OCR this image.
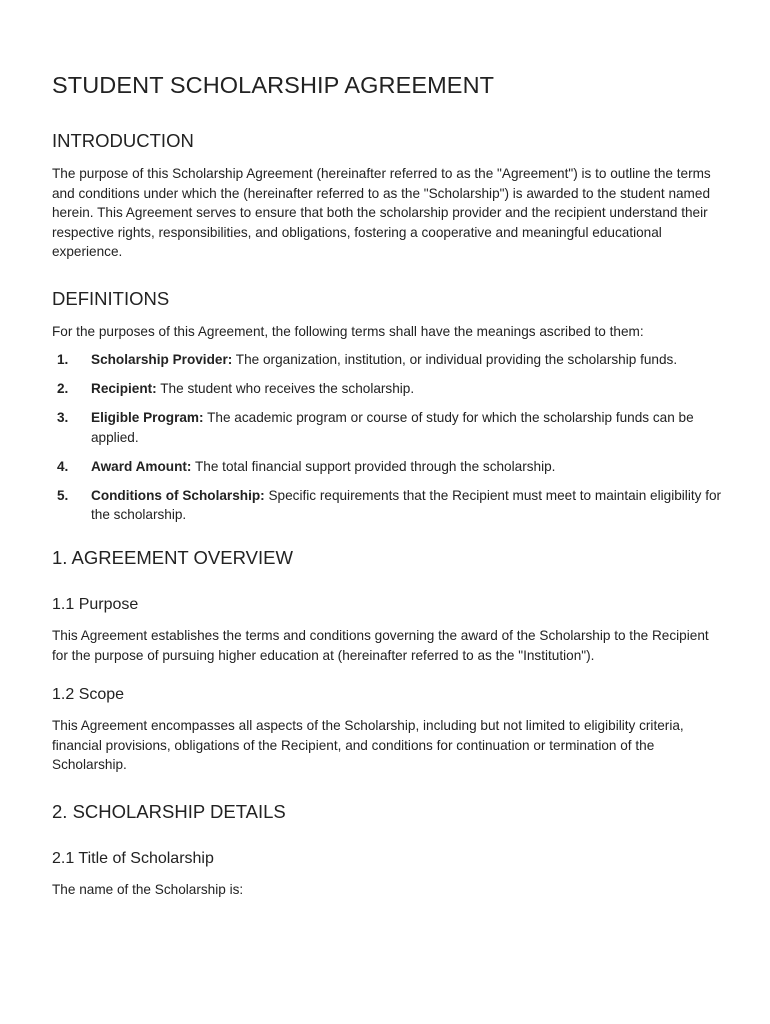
STUDENT SCHOLARSHIP AGREEMENT
INTRODUCTION

The purpose of this Scholarship Agreement (hereinafter referred to as the "Agreement") is to outline the terms and conditions under which the (hereinafter referred to as the "Scholarship") is awarded to the student named herein. This Agreement serves to ensure that both the scholarship provider and the recipient understand their respective rights, responsibilities, and obligations, fostering a cooperative and meaningful educational experience.

DEFINITIONS

For the purposes of this Agreement, the following terms shall have the meanings ascribed to them:

1. Scholarship Provider: The organization, institution, or individual providing the scholarship funds.
2. Recipient: The student who receives the scholarship.
3. Eligible Program: The academic program or course of study for which the scholarship funds can be applied.
4. Award Amount: The total financial support provided through the scholarship.
5. Conditions of Scholarship: Specific requirements that the Recipient must meet to maintain eligibility for the scholarship.
1. AGREEMENT OVERVIEW
1.1 Purpose

This Agreement establishes the terms and conditions governing the award of the Scholarship to the Recipient for the purpose of pursuing higher education at (hereinafter referred to as the "Institution").

1.2 Scope

This Agreement encompasses all aspects of the Scholarship, including but not limited to eligibility criteria, financial provisions, obligations of the Recipient, and conditions for continuation or termination of the Scholarship.

2. SCHOLARSHIP DETAILS
2.1 Title of Scholarship

The name of the Scholarship is:
